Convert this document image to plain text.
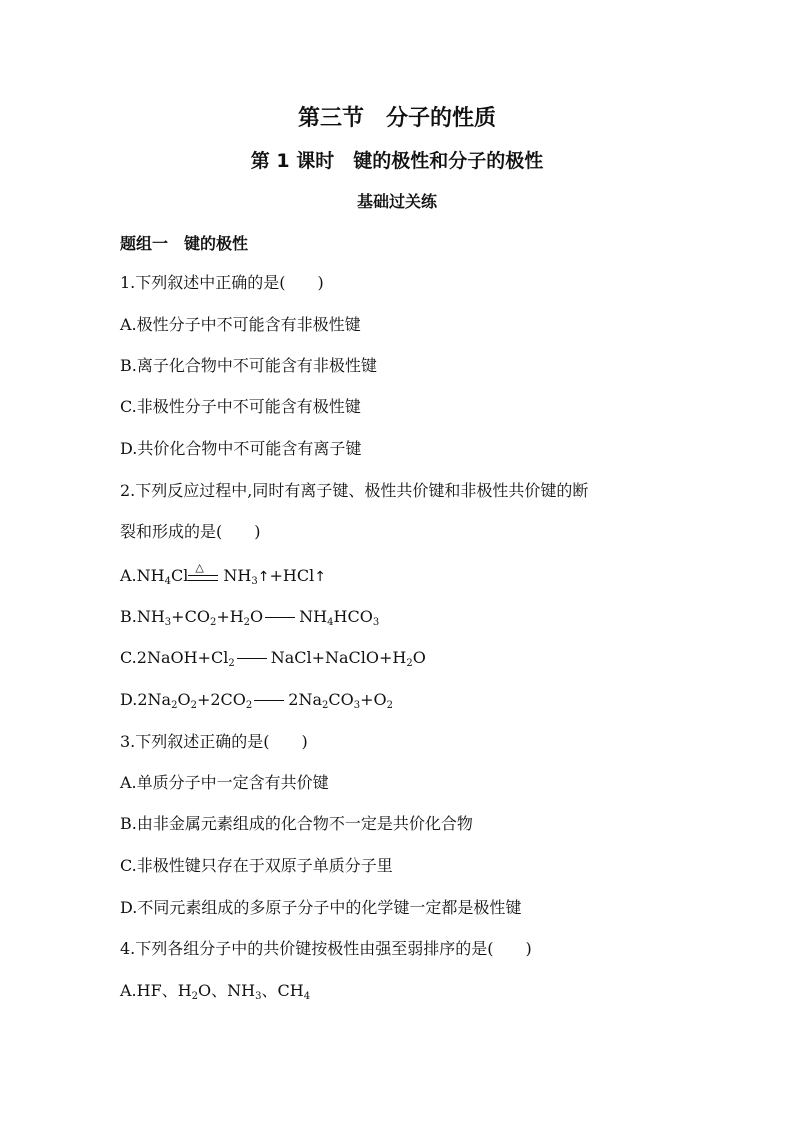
第三节　分子的性质
第 1 课时　键的极性和分子的极性
基础过关练
题组一　键的极性
1.下列叙述中正确的是(　　)
A.极性分子中不可能含有非极性键
B.离子化合物中不可能含有非极性键
C.非极性分子中不可能含有极性键
D.共价化合物中不可能含有离子键
2.下列反应过程中,同时有离子键、极性共价键和非极性共价键的断
裂和形成的是(　　)
$A.NH_4Cl$ △ $NH_3↑+HCl↑$
$B.NH_3+CO_2+H_2O$ $NH_4HCO_3$
$C.2NaOH+Cl_2$ $NaCl+NaClO+H_2O$
$D.2Na_2O_2+2CO_2$ $2Na_2CO_3+O_2$
3.下列叙述正确的是(　　)
A.单质分子中一定含有共价键
B.由非金属元素组成的化合物不一定是共价化合物
C.非极性键只存在于双原子单质分子里
D.不同元素组成的多原子分子中的化学键一定都是极性键
4.下列各组分子中的共价键按极性由强至弱排序的是(　　)
A.HF、$H_2O$、$NH_3$、$CH_4$
